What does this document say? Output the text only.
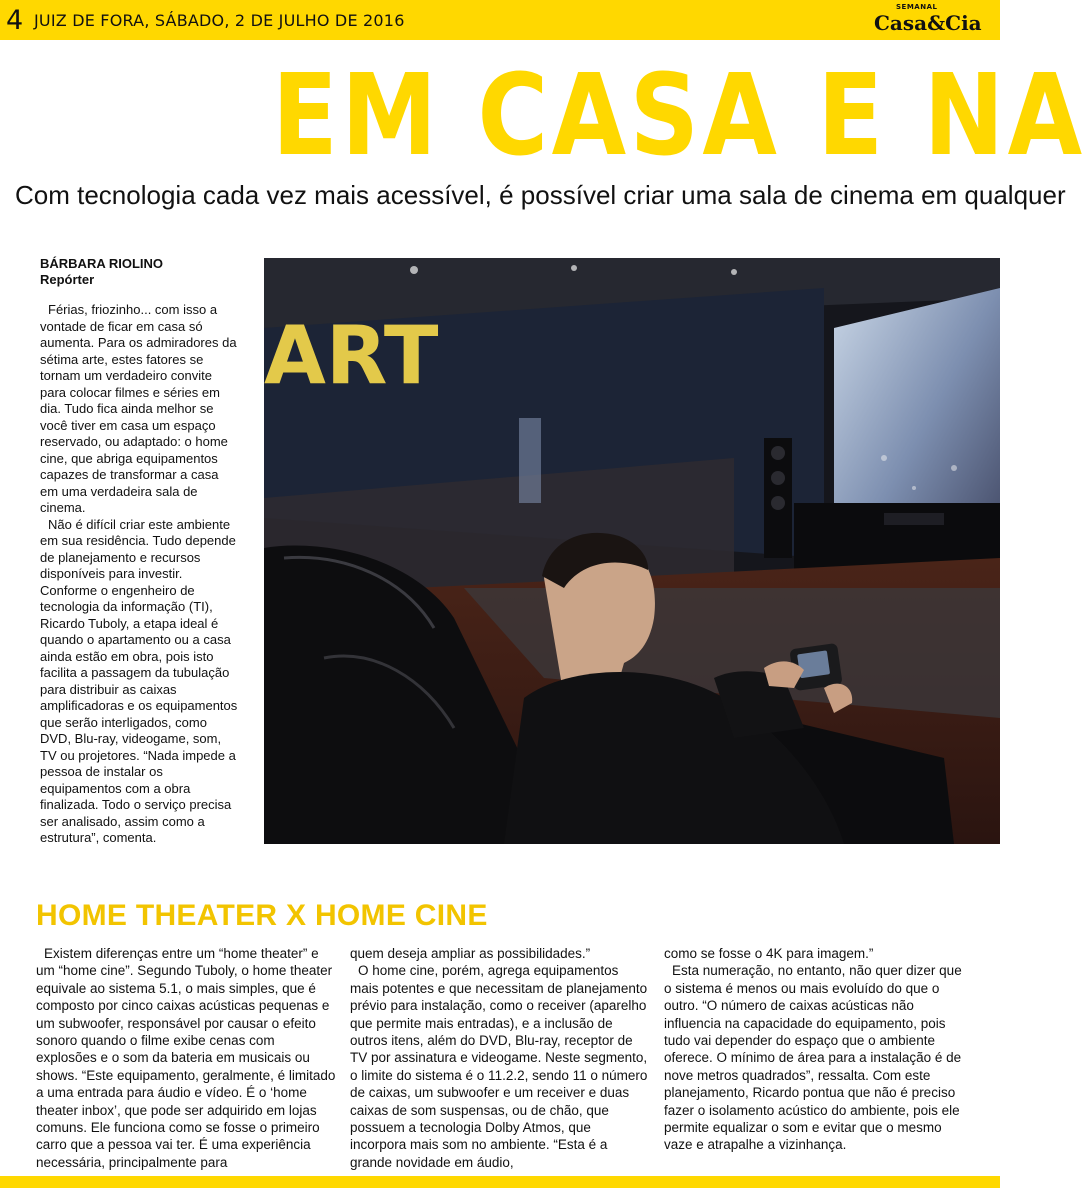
4 JUIZ DE FORA, SÁBADO, 2 DE JULHO DE 2016
SEMANAL
Casa&Cia
EM CASA E NA
Com tecnologia cada vez mais acessível, é possível criar uma sala de cinema em qualquer
BÁRBARA RIOLINO
Repórter

Férias, friozinho... com isso a vontade de ficar em casa só aumenta. Para os admiradores da sétima arte, estes fatores se tornam um verdadeiro convite para colocar filmes e séries em dia. Tudo fica ainda melhor se você tiver em casa um espaço reservado, ou adaptado: o home cine, que abriga equipamentos capazes de transformar a casa em uma verdadeira sala de cinema.

Não é difícil criar este ambiente em sua residência. Tudo depende de planejamento e recursos disponíveis para investir. Conforme o engenheiro de tecnologia da informação (TI), Ricardo Tuboly, a etapa ideal é quando o apartamento ou a casa ainda estão em obra, pois isto facilita a passagem da tubulação para distribuir as caixas amplificadoras e os equipamentos que serão interligados, como DVD, Blu-ray, videogame, som, TV ou projetores. “Nada impede a pessoa de instalar os equipamentos com a obra finalizada. Todo o serviço precisa ser analisado, assim como a estrutura”, comenta.

ART
HOME THEATER X HOME CINE

Existem diferenças entre um “home theater” e um “home cine”. Segundo Tuboly, o home theater equivale ao sistema 5.1, o mais simples, que é composto por cinco caixas acústicas pequenas e um subwoofer, responsável por causar o efeito sonoro quando o filme exibe cenas com explosões e o som da bateria em musicais ou shows. “Este equipamento, geralmente, é limitado a uma entrada para áudio e vídeo. É o ‘home theater inbox’, que pode ser adquirido em lojas comuns. Ele funciona como se fosse o primeiro carro que a pessoa vai ter. É uma experiência necessária, principalmente para

quem deseja ampliar as possibilidades.”

O home cine, porém, agrega equipamentos mais potentes e que necessitam de planejamento prévio para instalação, como o receiver (aparelho que permite mais entradas), e a inclusão de outros itens, além do DVD, Blu-ray, receptor de TV por assinatura e videogame. Neste segmento, o limite do sistema é o 11.2.2, sendo 11 o número de caixas, um subwoofer e um receiver e duas caixas de som suspensas, ou de chão, que possuem a tecnologia Dolby Atmos, que incorpora mais som no ambiente. “Esta é a grande novidade em áudio,

como se fosse o 4K para imagem.”

Esta numeração, no entanto, não quer dizer que o sistema é menos ou mais evoluído do que o outro. “O número de caixas acústicas não influencia na capacidade do equipamento, pois tudo vai depender do espaço que o ambiente oferece. O mínimo de área para a instalação é de nove metros quadrados”, ressalta. Com este planejamento, Ricardo pontua que não é preciso fazer o isolamento acústico do ambiente, pois ele permite equalizar o som e evitar que o mesmo vaze e atrapalhe a vizinhança.
